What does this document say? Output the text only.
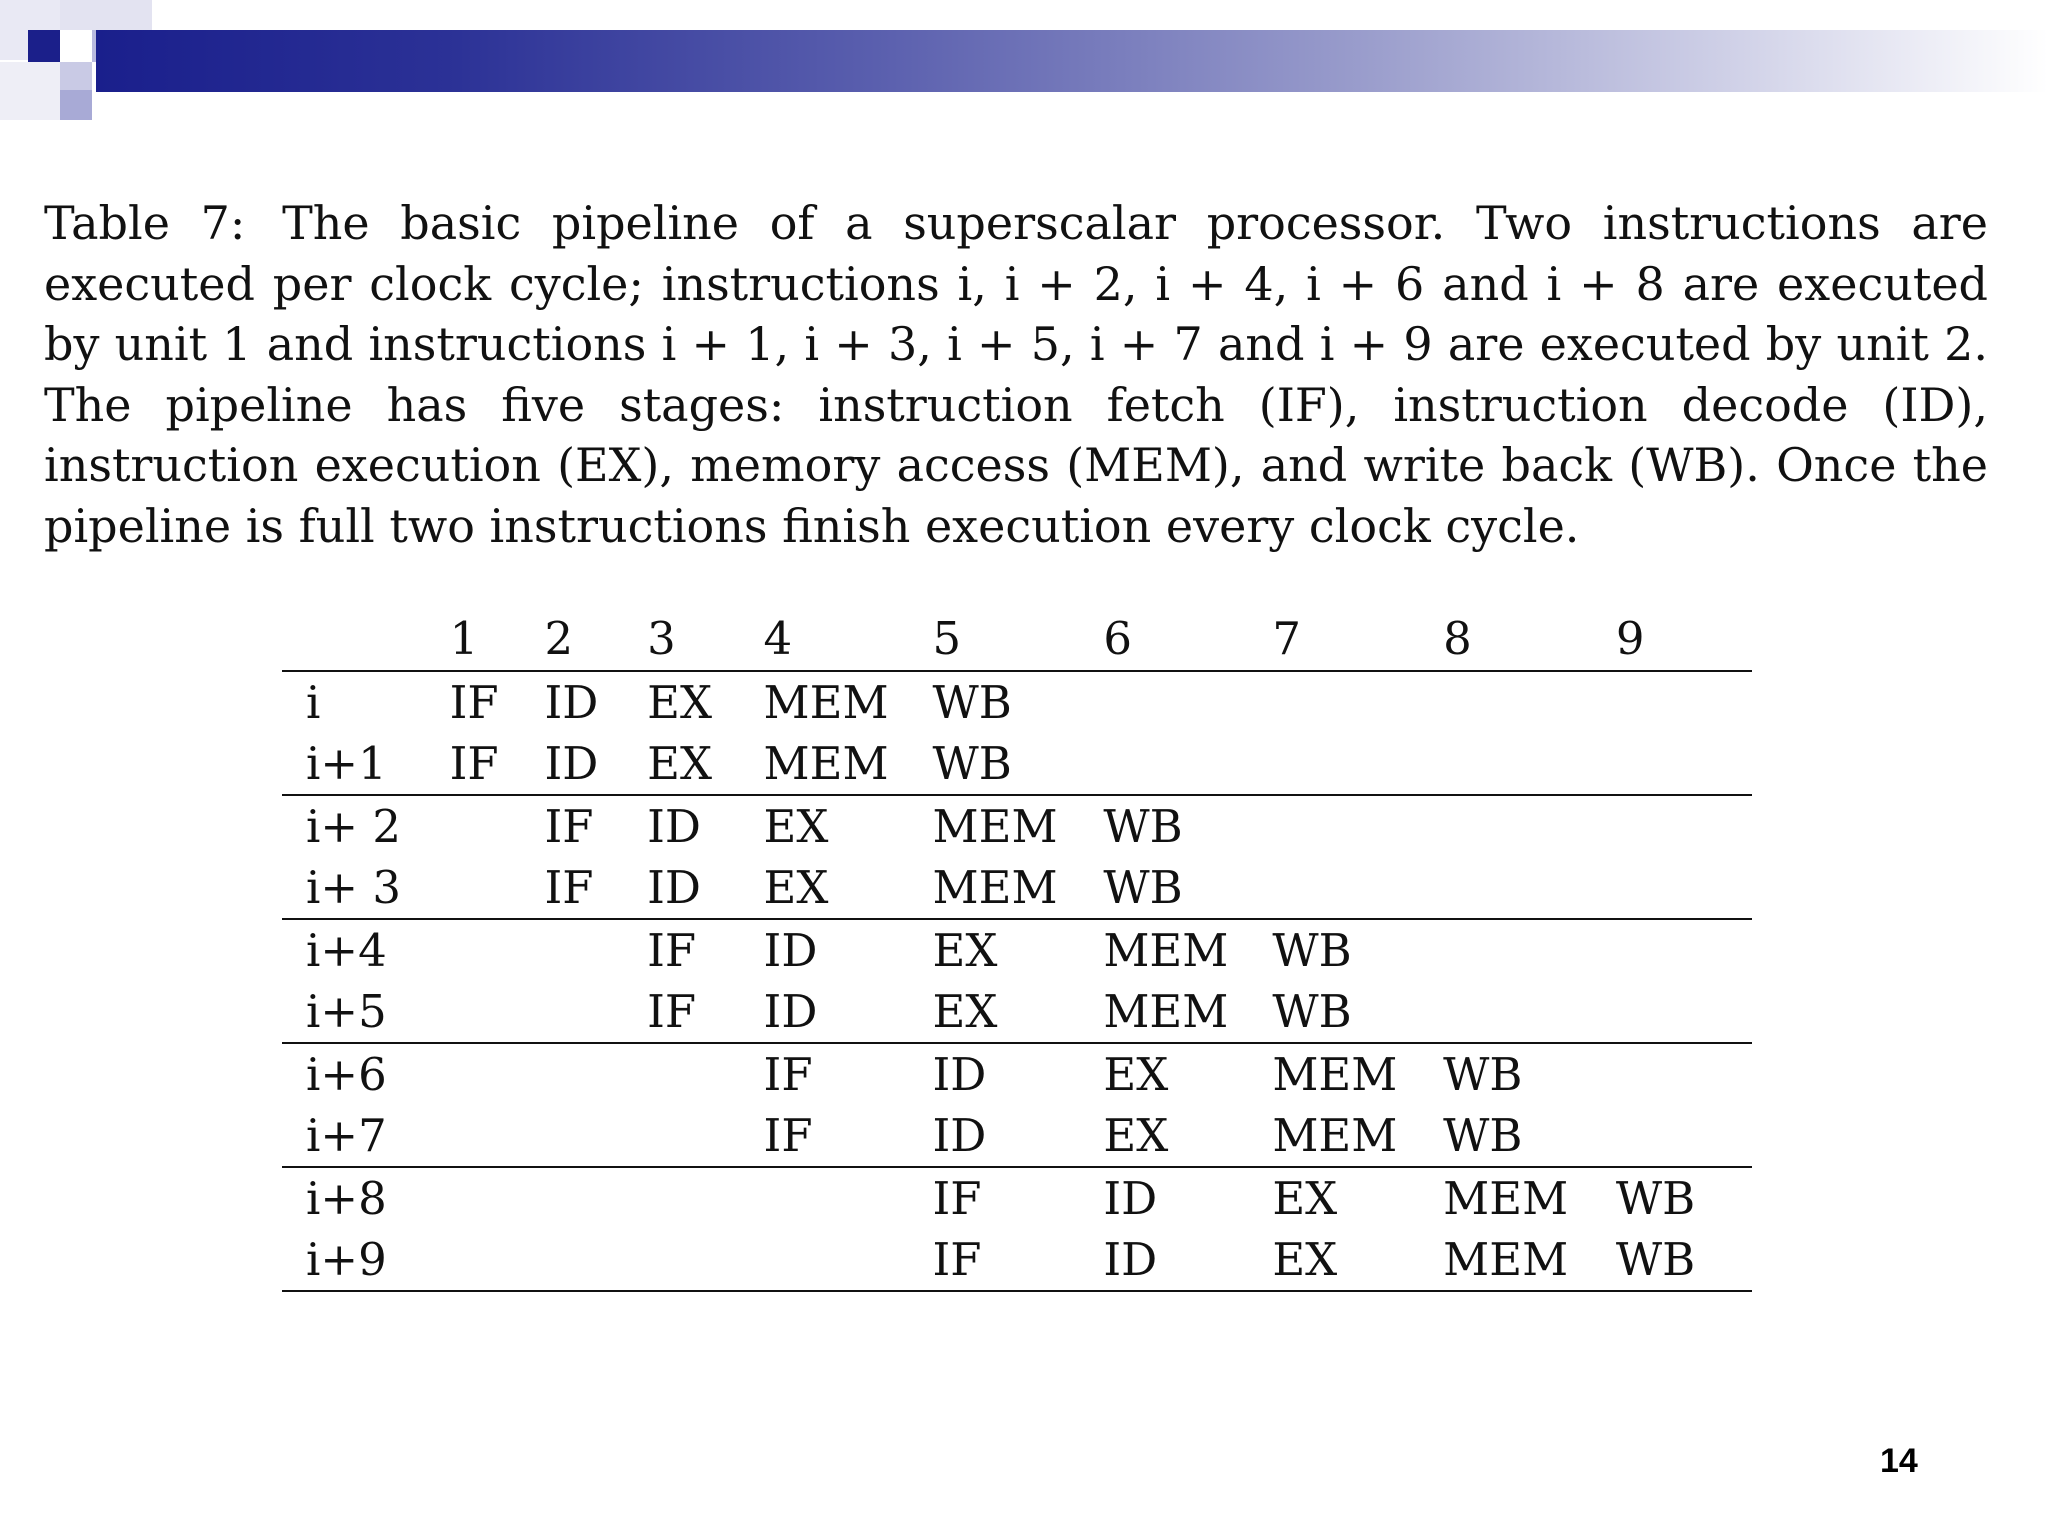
Table 7: The basic pipeline of a superscalar processor. Two instructions are executed per clock cycle; instructions i, i + 2, i + 4, i + 6 and i + 8 are executed by unit 1 and instructions i + 1, i + 3, i + 5, i + 7 and i + 9 are executed by unit 2. The pipeline has five stages: instruction fetch (IF), instruction decode (ID), instruction execution (EX), memory access (MEM), and write back (WB). Once the pipeline is full two instructions finish execution every clock cycle.
	1	2	3	4	5	6	7	8	9
i	IF	ID	EX	MEM	WB				
i+1	IF	ID	EX	MEM	WB				
i+ 2		IF	ID	EX	MEM	WB			
i+ 3		IF	ID	EX	MEM	WB			
i+4			IF	ID	EX	MEM	WB		
i+5			IF	ID	EX	MEM	WB		
i+6				IF	ID	EX	MEM	WB	
i+7				IF	ID	EX	MEM	WB	
i+8					IF	ID	EX	MEM	WB
i+9					IF	ID	EX	MEM	WB
14
